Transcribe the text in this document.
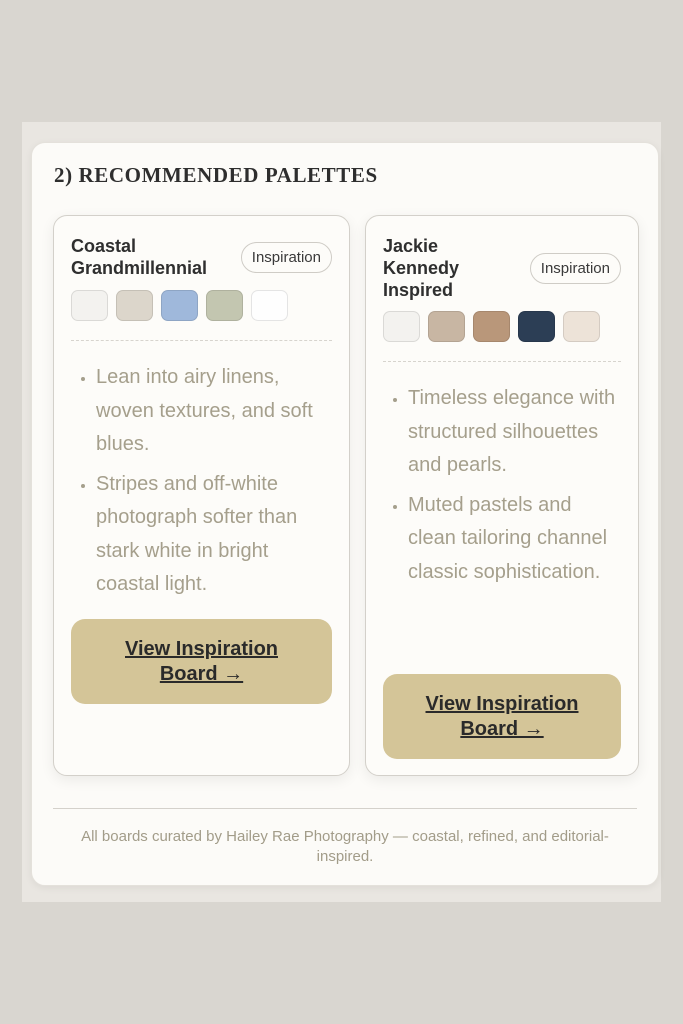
2) RECOMMENDED PALETTES
Coastal Grandmillennial
Inspiration
• Lean into airy linens, woven textures, and soft blues.
• Stripes and off-white photograph softer than stark white in bright coastal light.
View Inspiration Board →
Jackie Kennedy Inspired
Inspiration
• Timeless elegance with structured silhouettes and pearls.
• Muted pastels and clean tailoring channel classic sophistication.
View Inspiration Board →

All boards curated by Hailey Rae Photography — coastal, refined, and editorial-inspired.
